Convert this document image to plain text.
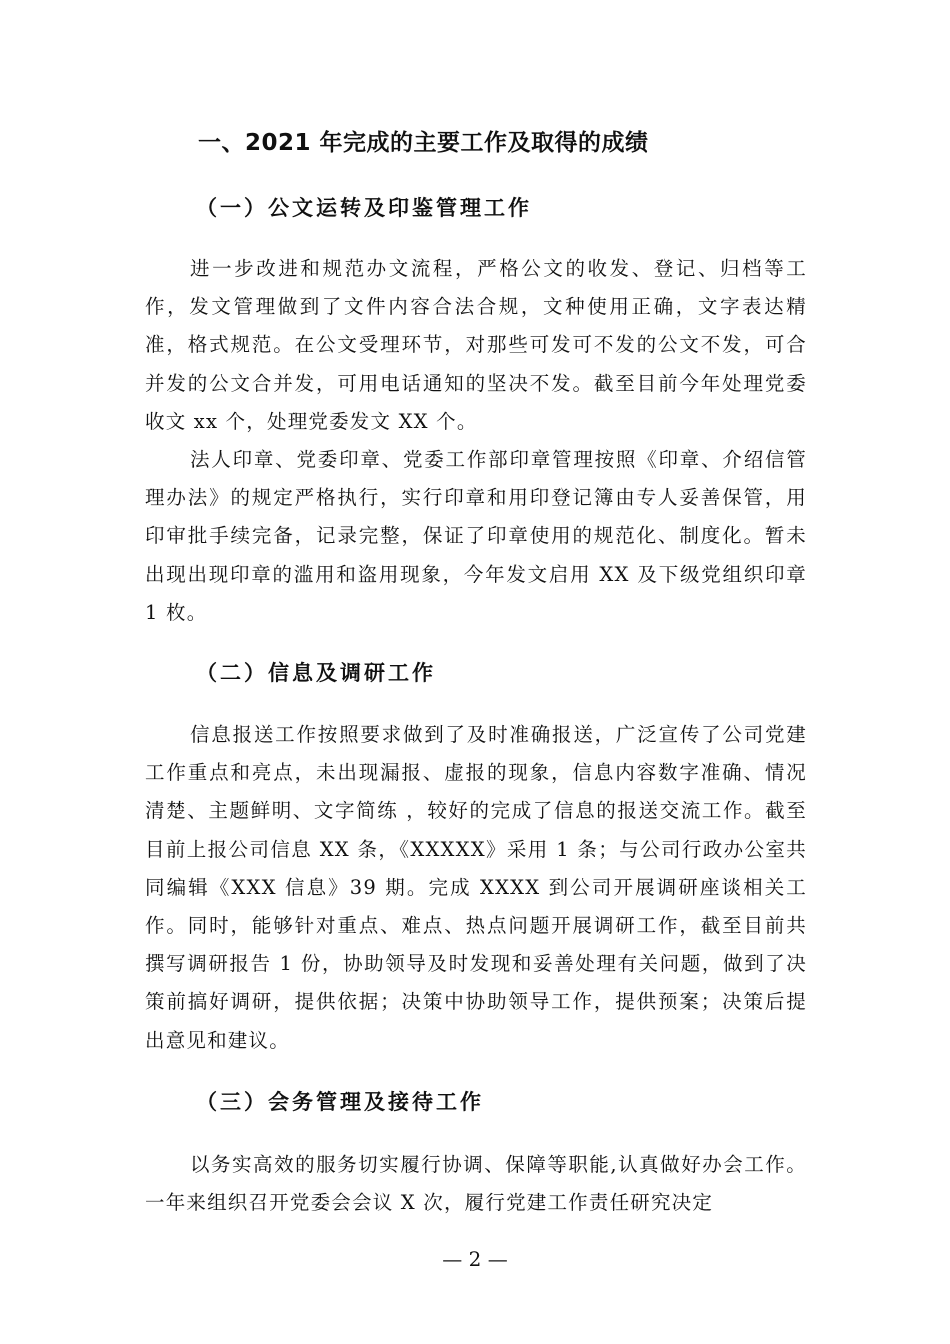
一、2021 年完成的主要工作及取得的成绩
（一）公文运转及印鉴管理工作

进一步改进和规范办文流程，严格公文的收发、登记、归档等工作，发文管理做到了文件内容合法合规，文种使用正确，文字表达精准，格式规范。在公文受理环节，对那些可发可不发的公文不发，可合并发的公文合并发，可用电话通知的坚决不发。截至目前今年处理党委收文 xx 个，处理党委发文 XX 个。

法人印章、党委印章、党委工作部印章管理按照《印章、介绍信管理办法》的规定严格执行，实行印章和用印登记簿由专人妥善保管，用印审批手续完备，记录完整，保证了印章使用的规范化、制度化。暂未出现出现印章的滥用和盗用现象，今年发文启用 XX 及下级党组织印章 1 枚。

（二）信息及调研工作

信息报送工作按照要求做到了及时准确报送，广泛宣传了公司党建工作重点和亮点，未出现漏报、虚报的现象，信息内容数字准确、情况清楚、主题鲜明、文字简练 ，较好的完成了信息的报送交流工作。截至目前上报公司信息 XX 条，《XXXXX》采用 1 条；与公司行政办公室共同编辑《XXX 信息》39 期。完成 XXXX 到公司开展调研座谈相关工作。同时，能够针对重点、难点、热点问题开展调研工作，截至目前共撰写调研报告 1 份，协助领导及时发现和妥善处理有关问题，做到了决策前搞好调研，提供依据；决策中协助领导工作，提供预案；决策后提出意见和建议。

（三）会务管理及接待工作

以务实高效的服务切实履行协调、保障等职能,认真做好办会工作。一年来组织召开党委会会议 X 次，履行党建工作责任研究决定

— 2 —
